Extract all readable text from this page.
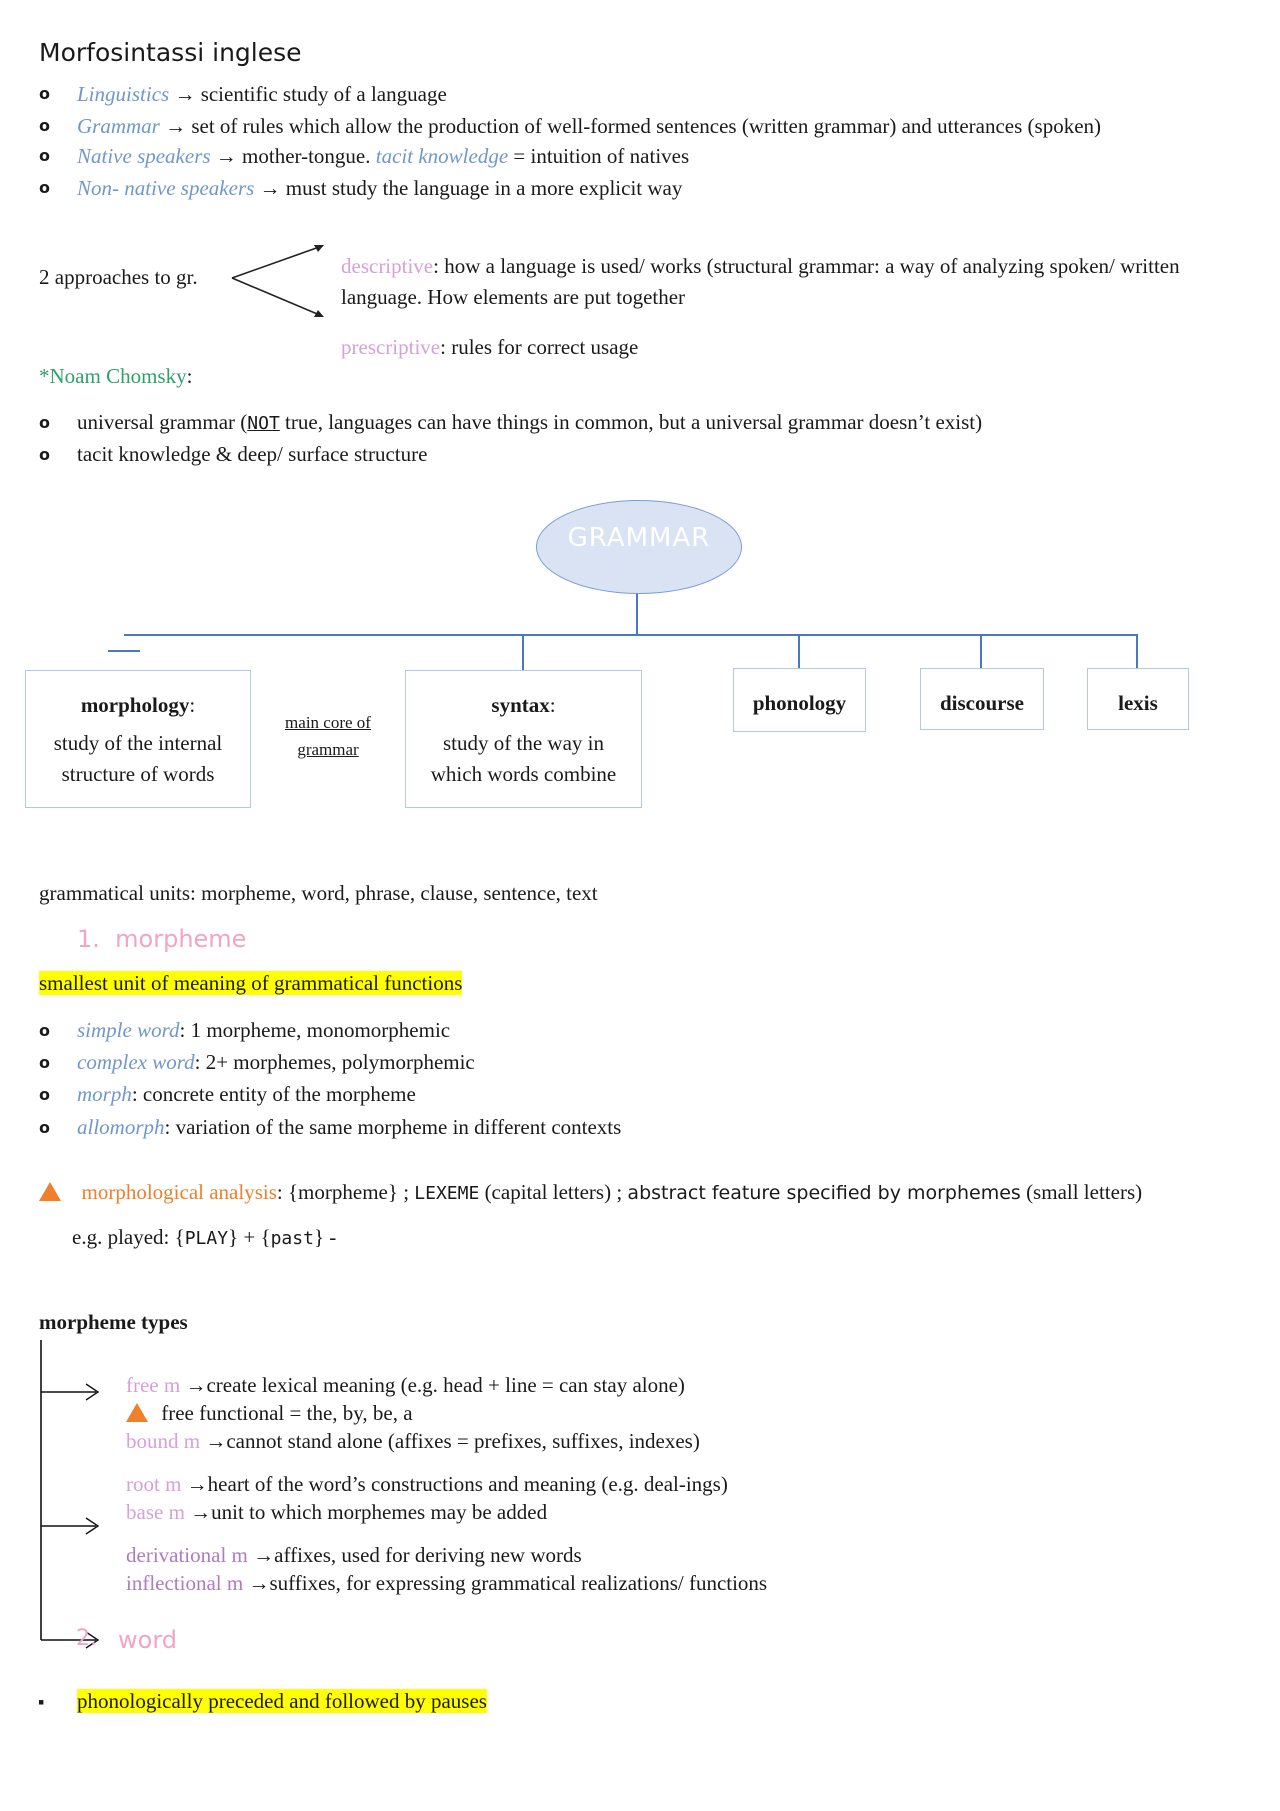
Morfosintassi inglese
o Linguistics → scientific study of a language
o Grammar → set of rules which allow the production of well-formed sentences (written grammar) and utterances (spoken)
o Native speakers → mother-tongue. tacit knowledge = intuition of natives
o Non- native speakers → must study the language in a more explicit way
2 approaches to gr.	descriptive: how a language is used/ works (structural grammar: a way of analyzing spoken/ written
language. How elements are put together
prescriptive: rules for correct usage
*Noam Chomsky:
o universal grammar (NOT true, languages can have things in common, but a universal grammar doesn’t exist)
o tacit knowledge & deep/ surface structure
GRAMMAR
morphology:
study of the internal
structure of words
main core of
grammar
syntax:
study of the way in
which words combine
phonology	discourse	lexis
grammatical units: morpheme, word, phrase, clause, sentence, text
1.  morpheme
smallest unit of meaning of grammatical functions
o simple word: 1 morpheme, monomorphemic
o complex word: 2+ morphemes, polymorphemic
o morph: concrete entity of the morpheme
o allomorph: variation of the same morpheme in different contexts
morphological analysis: {morpheme} ; LEXEME (capital letters) ; abstract feature specified by morphemes (small letters)
e.g. played: {PLAY} + {past} -
morpheme types
free m →create lexical meaning (e.g. head + line = can stay alone)
free functional = the, by, be, a
bound m →cannot stand alone (affixes = prefixes, suffixes, indexes)
root m →heart of the word’s constructions and meaning (e.g. deal-ings)
base m →unit to which morphemes may be added
derivational m →affixes, used for deriving new words
inflectional m →suffixes, for expressing grammatical realizations/ functions
2. word
▪ phonologically preceded and followed by pauses
